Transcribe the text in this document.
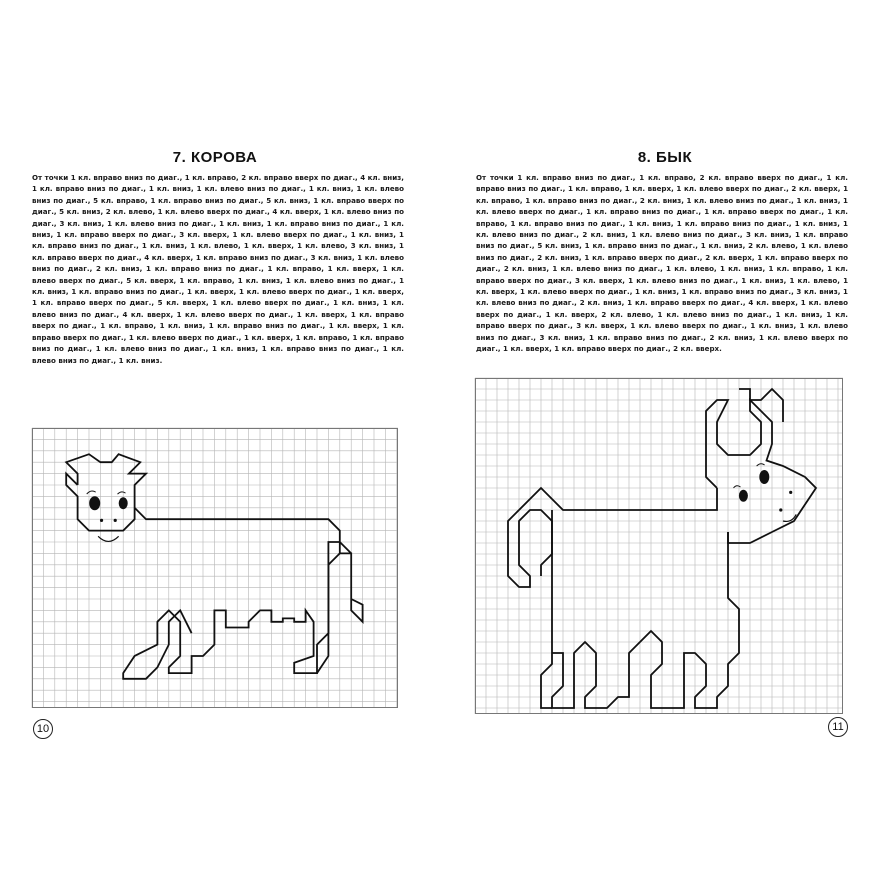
7. КОРОВА
От точки 1 кл. вправо вниз по диаг., 1 кл. вправо, 2 кл. вправо вверх по диаг., 4 кл. вниз, 1 кл. вправо вниз по диаг., 1 кл. вниз, 1 кл. влево вниз по диаг., 1 кл. вниз, 1 кл. влево вниз по диаг., 5 кл. вправо, 1 кл. вправо вниз по диаг., 5 кл. вниз, 1 кл. вправо вверх по диаг., 5 кл. вниз, 2 кл. влево, 1 кл. влево вверх по диаг., 4 кл. вверх, 1 кл. влево вниз по диаг., 3 кл. вниз, 1 кл. влево вниз по диаг., 1 кл. вниз, 1 кл. вправо вниз по диаг., 1 кл. вниз, 1 кл. вправо вверх по диаг., 3 кл. вверх, 1 кл. влево вверх по диаг., 1 кл. вниз, 1 кл. вправо вниз по диаг., 1 кл. вниз, 1 кл. влево, 1 кл. вверх, 1 кл. влево, 3 кл. вниз, 1 кл. вправо вверх по диаг., 4 кл. вверх, 1 кл. вправо вниз по диаг., 3 кл. вниз, 1 кл. влево вниз по диаг., 2 кл. вниз, 1 кл. вправо вниз по диаг., 1 кл. вправо, 1 кл. вверх, 1 кл. влево вверх по диаг., 5 кл. вверх, 1 кл. вправо, 1 кл. вниз, 1 кл. влево вниз по диаг., 1 кл. вниз, 1 кл. вправо вниз по диаг., 1 кл. вверх, 1 кл. влево вверх по диаг., 1 кл. вверх, 1 кл. вправо вверх по диаг., 5 кл. вверх, 1 кл. влево вверх по диаг., 1 кл. вниз, 1 кл. влево вниз по диаг., 4 кл. вверх, 1 кл. влево вверх по диаг., 1 кл. вверх, 1 кл. вправо вверх по диаг., 1 кл. вправо, 1 кл. вниз, 1 кл. вправо вниз по диаг., 1 кл. вверх, 1 кл. вправо вверх по диаг., 1 кл. влево вверх по диаг., 1 кл. вверх, 1 кл. вправо, 1 кл. вправо вниз по диаг., 1 кл. влево вниз по диаг., 1 кл. вниз, 1 кл. вправо вниз по диаг., 1 кл. влево вниз по диаг., 1 кл. вниз.
10
8. БЫК
От точки 1 кл. вправо вниз по диаг., 1 кл. вправо, 2 кл. вправо вверх по диаг., 1 кл. вправо вниз по диаг., 1 кл. вправо, 1 кл. вверх, 1 кл. влево вверх по диаг., 2 кл. вверх, 1 кл. вправо, 1 кл. вправо вниз по диаг., 2 кл. вниз, 1 кл. влево вниз по диаг., 1 кл. вниз, 1 кл. влево вверх по диаг., 1 кл. вправо вниз по диаг., 1 кл. вправо вверх по диаг., 1 кл. вправо, 1 кл. вправо вниз по диаг., 1 кл. вниз, 1 кл. вправо вниз по диаг., 1 кл. вниз, 1 кл. влево вниз по диаг., 2 кл. вниз, 1 кл. влево вниз по диаг., 3 кл. вниз, 1 кл. вправо вниз по диаг., 5 кл. вниз, 1 кл. вправо вниз по диаг., 1 кл. вниз, 2 кл. влево, 1 кл. влево вниз по диаг., 2 кл. вниз, 1 кл. вправо вверх по диаг., 2 кл. вверх, 1 кл. вправо вверх по диаг., 2 кл. вниз, 1 кл. влево вниз по диаг., 1 кл. влево, 1 кл. вниз, 1 кл. вправо, 1 кл. вправо вверх по диаг., 3 кл. вверх, 1 кл. влево вниз по диаг., 1 кл. вниз, 1 кл. влево, 1 кл. вверх, 1 кл. влево вверх по диаг., 1 кл. вниз, 1 кл. вправо вниз по диаг., 3 кл. вниз, 1 кл. влево вниз по диаг., 2 кл. вниз, 1 кл. вправо вверх по диаг., 4 кл. вверх, 1 кл. влево вверх по диаг., 1 кл. вверх, 2 кл. влево, 1 кл. влево вниз по диаг., 1 кл. вниз, 1 кл. вправо вверх по диаг., 3 кл. вверх, 1 кл. влево вверх по диаг., 1 кл. вниз, 1 кл. влево вниз по диаг., 3 кл. вниз, 1 кл. вправо вниз по диаг., 2 кл. вниз, 1 кл. влево вверх по диаг., 1 кл. вверх, 1 кл. вправо вверх по диаг., 2 кл. вверх.
11
